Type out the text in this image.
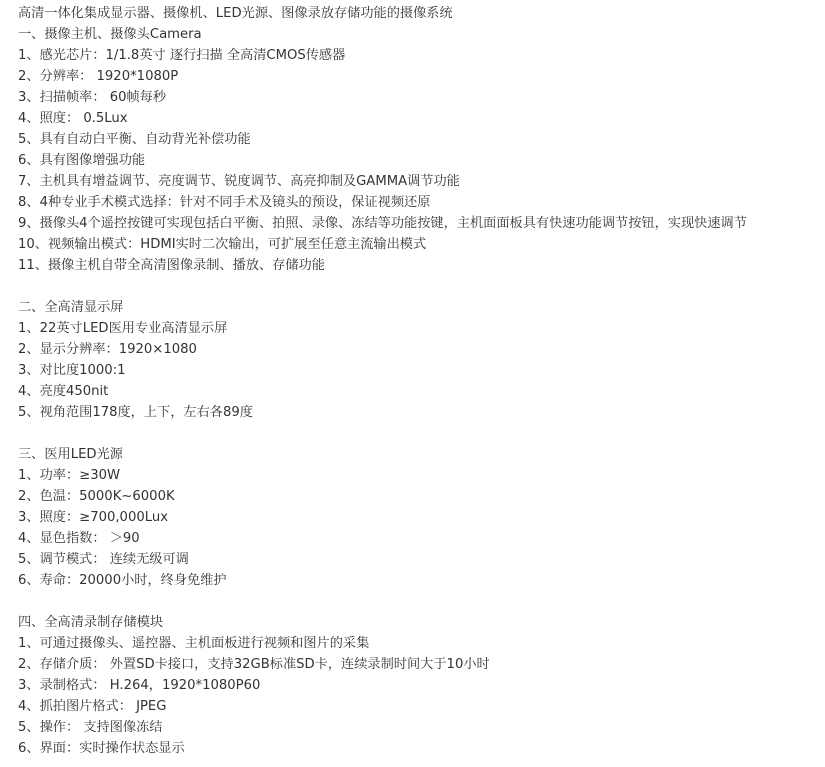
高清一体化集成显示器、摄像机、LED光源、图像录放存储功能的摄像系统
一、摄像主机、摄像头Camera
1、感光芯片：1/1.8英寸 逐行扫描 全高清CMOS传感器
2、分辨率： 1920*1080P
3、扫描帧率： 60帧每秒
4、照度： 0.5Lux
5、具有自动白平衡、自动背光补偿功能
6、具有图像增强功能
7、主机具有增益调节、亮度调节、锐度调节、高亮抑制及GAMMA调节功能
8、4种专业手术模式选择：针对不同手术及镜头的预设，保证视频还原
9、摄像头4个遥控按键可实现包括白平衡、拍照、录像、冻结等功能按键，主机面面板具有快速功能调节按钮，实现快速调节
10、视频输出模式：HDMI实时二次输出，可扩展至任意主流输出模式
11、摄像主机自带全高清图像录制、播放、存储功能
二、全高清显示屏
1、22英寸LED医用专业高清显示屏
2、显示分辨率：1920×1080
3、对比度1000:1
4、亮度450nit
5、视角范围178度，上下，左右各89度
三、医用LED光源
1、功率：≥30W
2、色温：5000K~6000K
3、照度：≥700,000Lux
4、显色指数： ＞90
5、调节模式： 连续无级可调
6、寿命：20000小时，终身免维护
四、全高清录制存储模块
1、可通过摄像头、遥控器、主机面板进行视频和图片的采集
2、存储介质： 外置SD卡接口，支持32GB标准SD卡，连续录制时间大于10小时
3、录制格式： H.264，1920*1080P60
4、抓拍图片格式： JPEG
5、操作： 支持图像冻结
6、界面：实时操作状态显示
